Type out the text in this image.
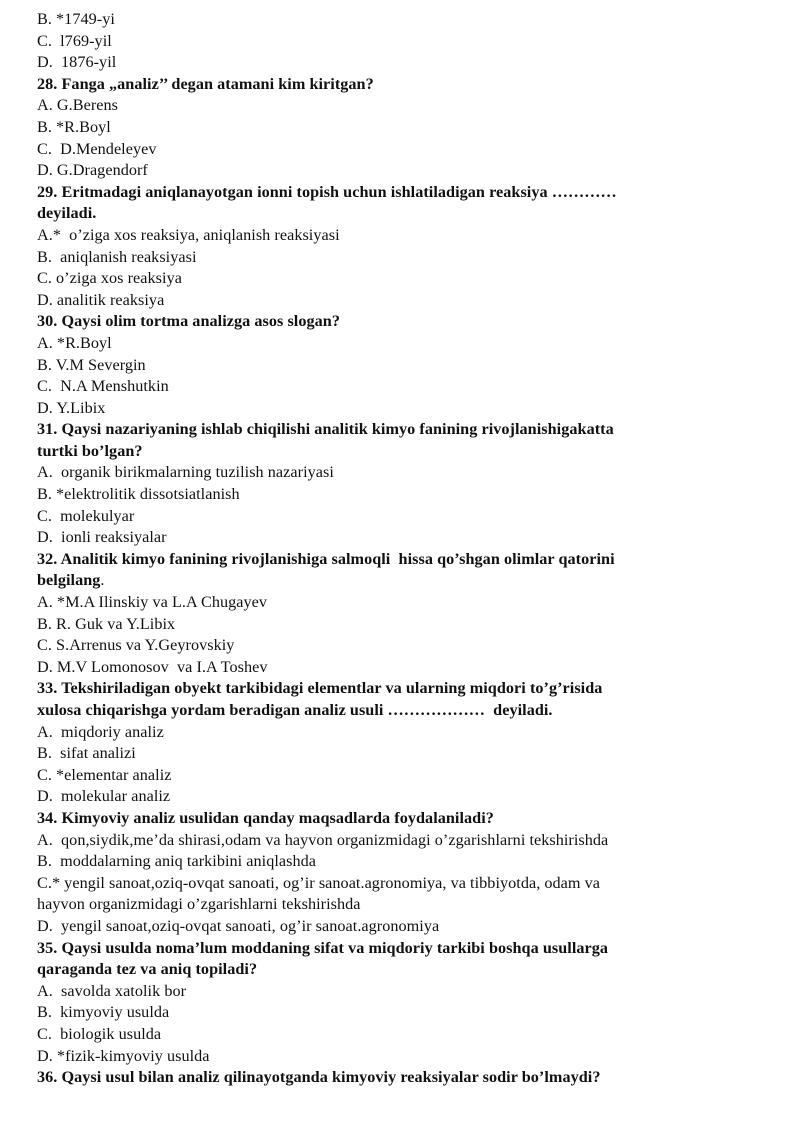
B. *1749-yi
C.  l769-yil
D.  1876-yil
28. Fanga „analiz’’ degan atamani kim kiritgan?
A. G.Berens
B. *R.Boyl
C.  D.Mendeleyev
D. G.Dragendorf
29. Eritmadagi aniqlanayotgan ionni topish uchun ishlatiladigan reaksiya …………
deyiladi.
A.*  o’ziga xos reaksiya, aniqlanish reaksiyasi
B.  aniqlanish reaksiyasi
C. o’ziga xos reaksiya
D. analitik reaksiya
30. Qaysi olim tortma analizga asos slogan?
A. *R.Boyl
B. V.M Severgin
C.  N.A Menshutkin
D. Y.Libix
31. Qaysi nazariyaning ishlab chiqilishi analitik kimyo fanining rivojlanishigakatta
turtki bo’lgan?
A.  organik birikmalarning tuzilish nazariyasi
B. *elektrolitik dissotsiatlanish
C.  molekulyar
D.  ionli reaksiyalar
32. Analitik kimyo fanining rivojlanishiga salmoqli  hissa qo’shgan olimlar qatorini
belgilang.
A. *M.A Ilinskiy va L.A Chugayev
B. R. Guk va Y.Libix
C. S.Arrenus va Y.Geyrovskiy
D. M.V Lomonosov  va I.A Toshev
33. Tekshiriladigan obyekt tarkibidagi elementlar va ularning miqdori to’g’risida
xulosa chiqarishga yordam beradigan analiz usuli ………………  deyiladi.
A.  miqdoriy analiz
B.  sifat analizi
C. *elementar analiz
D.  molekular analiz
34. Kimyoviy analiz usulidan qanday maqsadlarda foydalaniladi?
A.  qon,siydik,me’da shirasi,odam va hayvon organizmidagi o’zgarishlarni tekshirishda
B.  moddalarning aniq tarkibini aniqlashda
C.* yengil sanoat,oziq-ovqat sanoati, og’ir sanoat.agronomiya, va tibbiyotda, odam va
hayvon organizmidagi o’zgarishlarni tekshirishda
D.  yengil sanoat,oziq-ovqat sanoati, og’ir sanoat.agronomiya
35. Qaysi usulda noma’lum moddaning sifat va miqdoriy tarkibi boshqa usullarga
qaraganda tez va aniq topiladi?
A.  savolda xatolik bor
B.  kimyoviy usulda
C.  biologik usulda
D. *fizik-kimyoviy usulda
36. Qaysi usul bilan analiz qilinayotganda kimyoviy reaksiyalar sodir bo’lmaydi?
